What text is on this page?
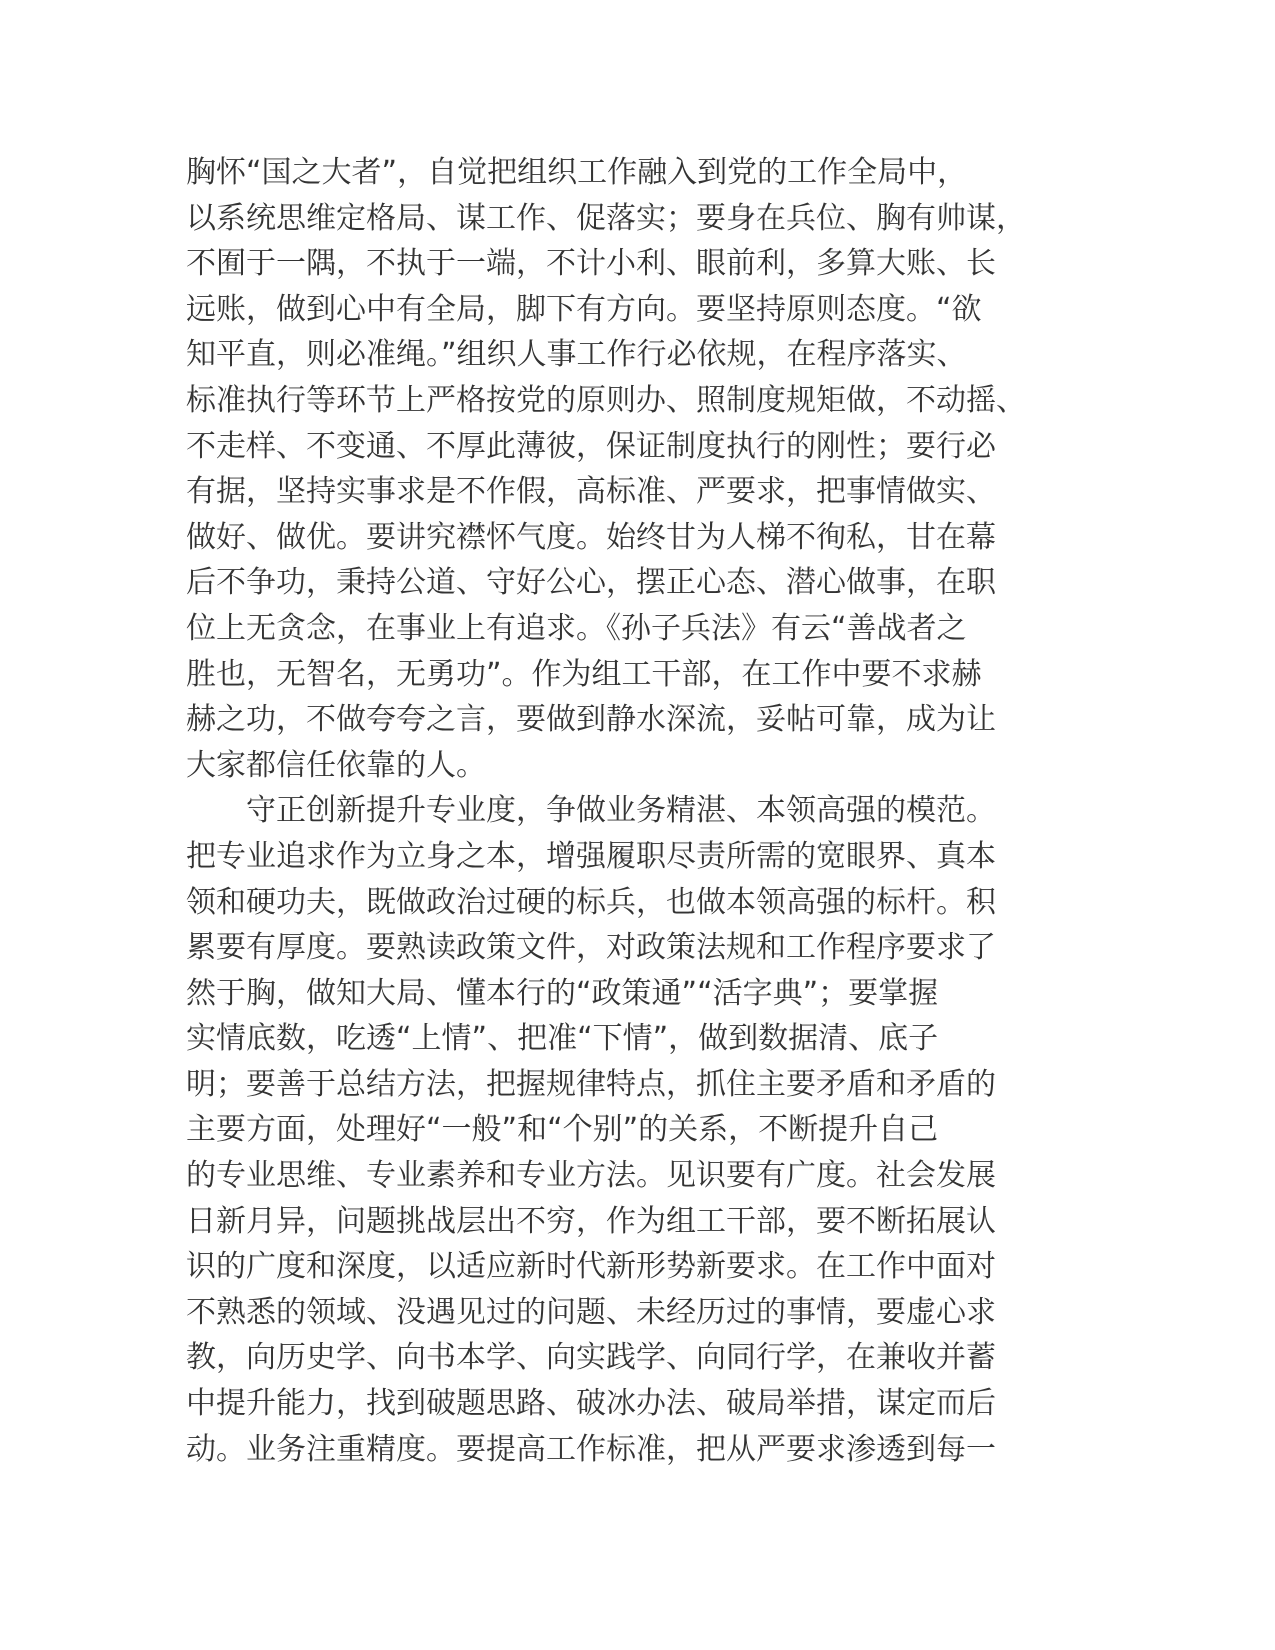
胸怀“国之大者”，自觉把组织工作融入到党的工作全局中，
以系统思维定格局、谋工作、促落实；要身在兵位、胸有帅谋，
不囿于一隅，不执于一端，不计小利、眼前利，多算大账、长
远账，做到心中有全局，脚下有方向。要坚持原则态度。“欲
知平直，则必准绳。”组织人事工作行必依规，在程序落实、
标准执行等环节上严格按党的原则办、照制度规矩做，不动摇、
不走样、不变通、不厚此薄彼，保证制度执行的刚性；要行必
有据，坚持实事求是不作假，高标准、严要求，把事情做实、
做好、做优。要讲究襟怀气度。始终甘为人梯不徇私，甘在幕
后不争功，秉持公道、守好公心，摆正心态、潜心做事，在职
位上无贪念，在事业上有追求。《孙子兵法》有云“善战者之
胜也，无智名，无勇功”。作为组工干部，在工作中要不求赫
赫之功，不做夸夸之言，要做到静水深流，妥帖可靠，成为让
大家都信任依靠的人。
守正创新提升专业度，争做业务精湛、本领高强的模范。
把专业追求作为立身之本，增强履职尽责所需的宽眼界、真本
领和硬功夫，既做政治过硬的标兵，也做本领高强的标杆。积
累要有厚度。要熟读政策文件，对政策法规和工作程序要求了
然于胸，做知大局、懂本行的“政策通”“活字典”；要掌握
实情底数，吃透“上情”、把准“下情”，做到数据清、底子
明；要善于总结方法，把握规律特点，抓住主要矛盾和矛盾的
主要方面，处理好“一般”和“个别”的关系，不断提升自己
的专业思维、专业素养和专业方法。见识要有广度。社会发展
日新月异，问题挑战层出不穷，作为组工干部，要不断拓展认
识的广度和深度，以适应新时代新形势新要求。在工作中面对
不熟悉的领域、没遇见过的问题、未经历过的事情，要虚心求
教，向历史学、向书本学、向实践学、向同行学，在兼收并蓄
中提升能力，找到破题思路、破冰办法、破局举措，谋定而后
动。业务注重精度。要提高工作标准，把从严要求渗透到每一
